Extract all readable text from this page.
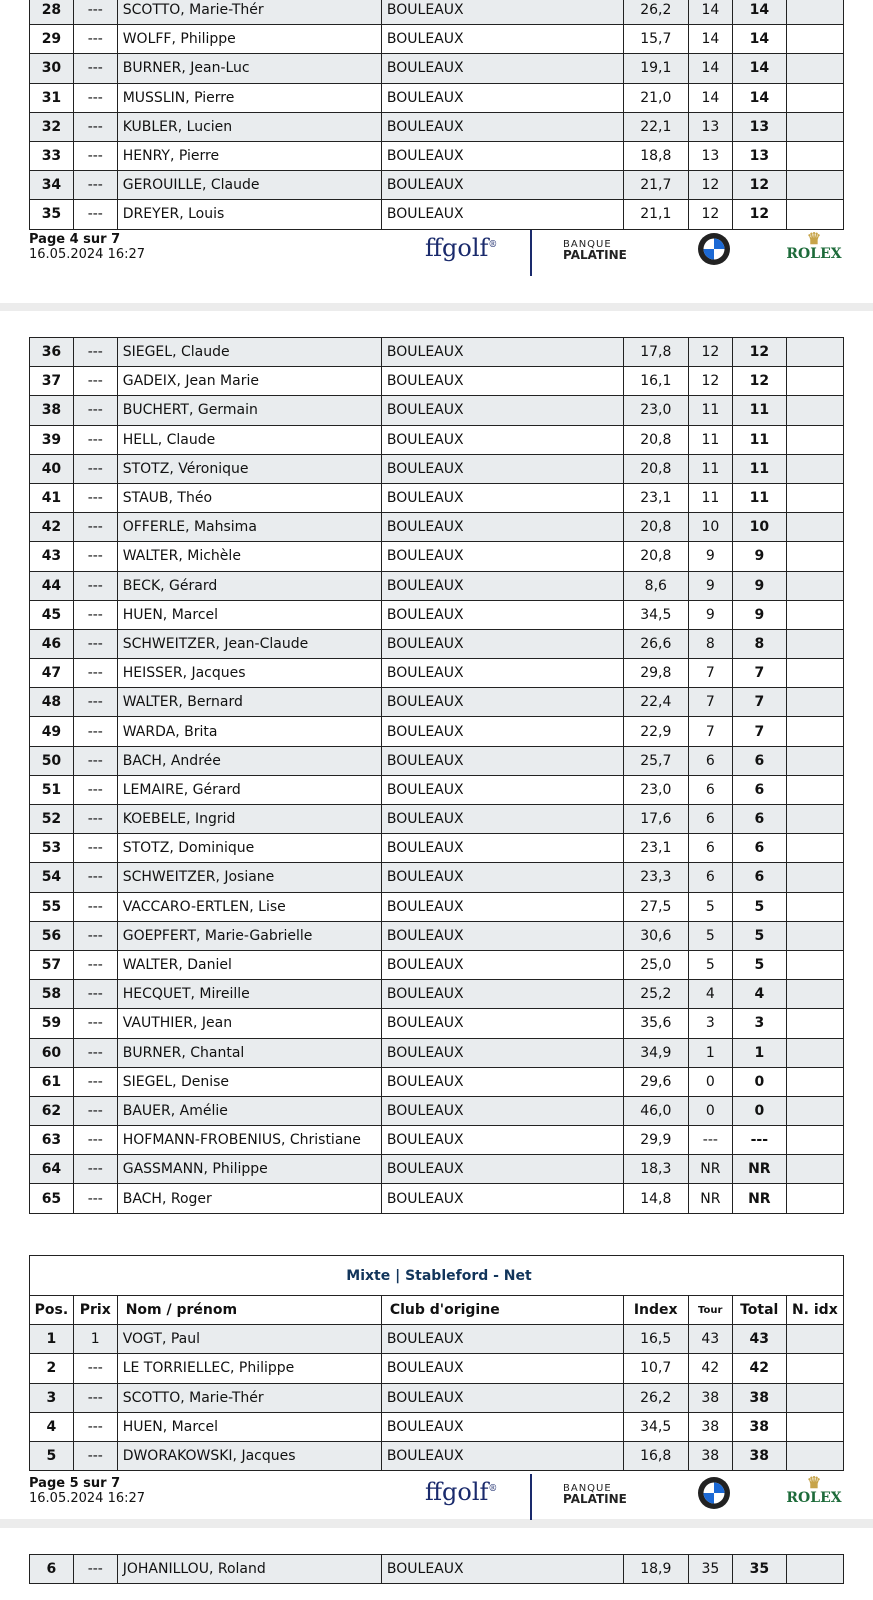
28	---	SCOTTO, Marie-Thér	BOULEAUX	26,2	14	14	
29	---	WOLFF, Philippe	BOULEAUX	15,7	14	14	
30	---	BURNER, Jean-Luc	BOULEAUX	19,1	14	14	
31	---	MUSSLIN, Pierre	BOULEAUX	21,0	14	14	
32	---	KUBLER, Lucien	BOULEAUX	22,1	13	13	
33	---	HENRY, Pierre	BOULEAUX	18,8	13	13	
34	---	GEROUILLE, Claude	BOULEAUX	21,7	12	12	
35	---	DREYER, Louis	BOULEAUX	21,1	12	12	
Page 4 sur 7
16.05.2024 16:27	ffgolf®	BANQUE
PALATINE
♛
ROLEX
36	---	SIEGEL, Claude	BOULEAUX	17,8	12	12	
37	---	GADEIX, Jean Marie	BOULEAUX	16,1	12	12	
38	---	BUCHERT, Germain	BOULEAUX	23,0	11	11	
39	---	HELL, Claude	BOULEAUX	20,8	11	11	
40	---	STOTZ, Véronique	BOULEAUX	20,8	11	11	
41	---	STAUB, Théo	BOULEAUX	23,1	11	11	
42	---	OFFERLE, Mahsima	BOULEAUX	20,8	10	10	
43	---	WALTER, Michèle	BOULEAUX	20,8	9	9	
44	---	BECK, Gérard	BOULEAUX	8,6	9	9	
45	---	HUEN, Marcel	BOULEAUX	34,5	9	9	
46	---	SCHWEITZER, Jean-Claude	BOULEAUX	26,6	8	8	
47	---	HEISSER, Jacques	BOULEAUX	29,8	7	7	
48	---	WALTER, Bernard	BOULEAUX	22,4	7	7	
49	---	WARDA, Brita	BOULEAUX	22,9	7	7	
50	---	BACH, Andrée	BOULEAUX	25,7	6	6	
51	---	LEMAIRE, Gérard	BOULEAUX	23,0	6	6	
52	---	KOEBELE, Ingrid	BOULEAUX	17,6	6	6	
53	---	STOTZ, Dominique	BOULEAUX	23,1	6	6	
54	---	SCHWEITZER, Josiane	BOULEAUX	23,3	6	6	
55	---	VACCARO-ERTLEN, Lise	BOULEAUX	27,5	5	5	
56	---	GOEPFERT, Marie-Gabrielle	BOULEAUX	30,6	5	5	
57	---	WALTER, Daniel	BOULEAUX	25,0	5	5	
58	---	HECQUET, Mireille	BOULEAUX	25,2	4	4	
59	---	VAUTHIER, Jean	BOULEAUX	35,6	3	3	
60	---	BURNER, Chantal	BOULEAUX	34,9	1	1	
61	---	SIEGEL, Denise	BOULEAUX	29,6	0	0	
62	---	BAUER, Amélie	BOULEAUX	46,0	0	0	
63	---	HOFMANN-FROBENIUS, Christiane	BOULEAUX	29,9	---	---	
64	---	GASSMANN, Philippe	BOULEAUX	18,3	NR	NR	
65	---	BACH, Roger	BOULEAUX	14,8	NR	NR	
Mixte | Stableford - Net							
Pos.	Prix	Nom / prénom	Club d'origine	Index	Tour	Total	N. idx
1	1	VOGT, Paul	BOULEAUX	16,5	43	43	
2	---	LE TORRIELLEC, Philippe	BOULEAUX	10,7	42	42	
3	---	SCOTTO, Marie-Thér	BOULEAUX	26,2	38	38	
4	---	HUEN, Marcel	BOULEAUX	34,5	38	38	
5	---	DWORAKOWSKI, Jacques	BOULEAUX	16,8	38	38	
Page 5 sur 7
16.05.2024 16:27	ffgolf®	BANQUE
PALATINE
♛
ROLEX
6	---	JOHANILLOU, Roland	BOULEAUX	18,9	35	35	
